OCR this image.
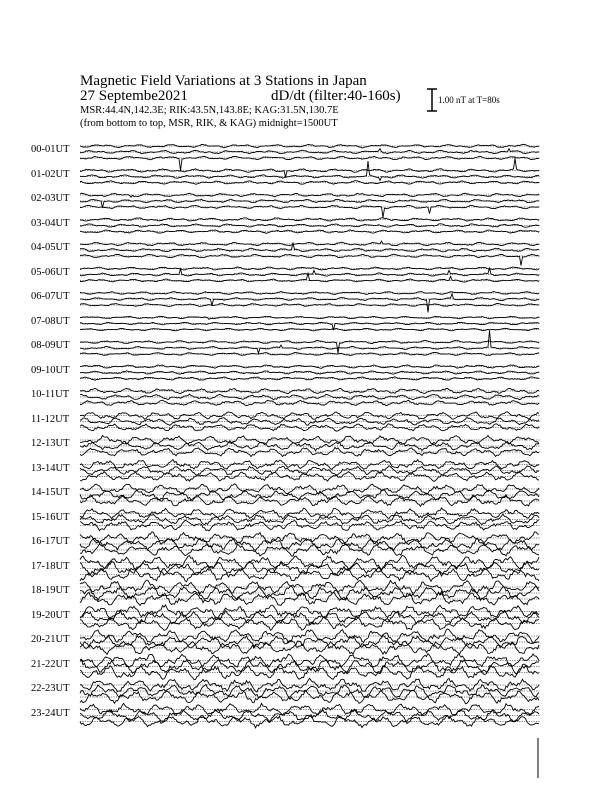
Magnetic Field Variations at 3 Stations in Japan
27 Septembe2021	dD/dt (filter:40-160s)
MSR:44.4N,142.3E; RIK:43.5N,143.8E; KAG:31.5N,130.7E
(from bottom to top, MSR, RIK, & KAG) midnight=1500UT
1.00 nT at T=80s
00-01UT
01-02UT
02-03UT
03-04UT
04-05UT
05-06UT
06-07UT
07-08UT
08-09UT
09-10UT
10-11UT
11-12UT
12-13UT
13-14UT
14-15UT
15-16UT
16-17UT
17-18UT
18-19UT
19-20UT
20-21UT
21-22UT
22-23UT
23-24UT
